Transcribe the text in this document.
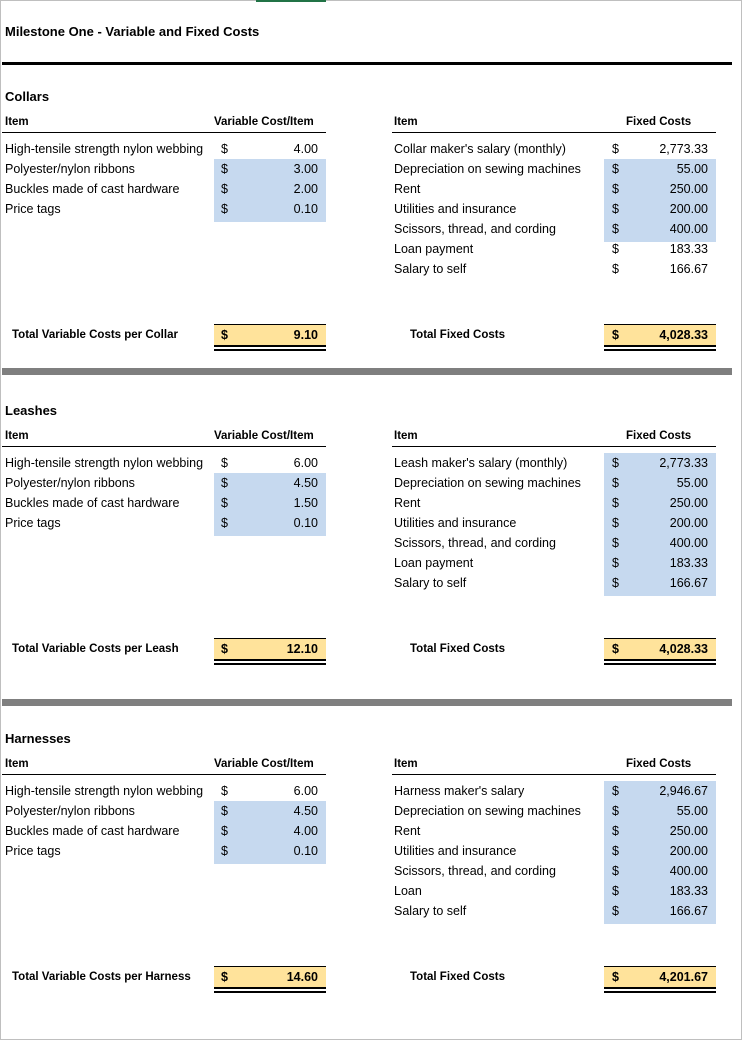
Milestone One - Variable and Fixed Costs
Collars
Item	Variable Cost/Item	Item	Fixed Costs
High-tensile strength nylon webbing $	4.00
Polyester/nylon ribbons	$	3.00
Buckles made of cast hardware	$	2.00
Price tags	$	0.10
Collar maker's salary (monthly)	$	2,773.33
Depreciation on sewing machines $	55.00
Rent	$	250.00
Utilities and insurance	$	200.00
Scissors, thread, and cording	$	400.00
Loan payment	$	183.33
Salary to self	$	166.67
Total Variable Costs per Collar	$	9.10	Total Fixed Costs	$	4,028.33
Leashes
Item	Variable Cost/Item	Item	Fixed Costs
High-tensile strength nylon webbing $	6.00
Polyester/nylon ribbons	$	4.50
Buckles made of cast hardware	$	1.50
Price tags	$	0.10
Leash maker's salary (monthly)	$	2,773.33
Depreciation on sewing machines $	55.00
Rent	$	250.00
Utilities and insurance	$	200.00
Scissors, thread, and cording	$	400.00
Loan payment	$	183.33
Salary to self	$	166.67
Total Variable Costs per Leash	$	12.10	Total Fixed Costs	$	4,028.33
Harnesses
Item	Variable Cost/Item	Item	Fixed Costs
High-tensile strength nylon webbing $	6.00
Polyester/nylon ribbons	$	4.50
Buckles made of cast hardware	$	4.00
Price tags	$	0.10
Harness maker's salary	$	2,946.67
Depreciation on sewing machines $	55.00
Rent	$	250.00
Utilities and insurance	$	200.00
Scissors, thread, and cording	$	400.00
Loan	$	183.33
Salary to self	$	166.67
Total Variable Costs per Harness $	14.60	Total Fixed Costs	$	4,201.67
